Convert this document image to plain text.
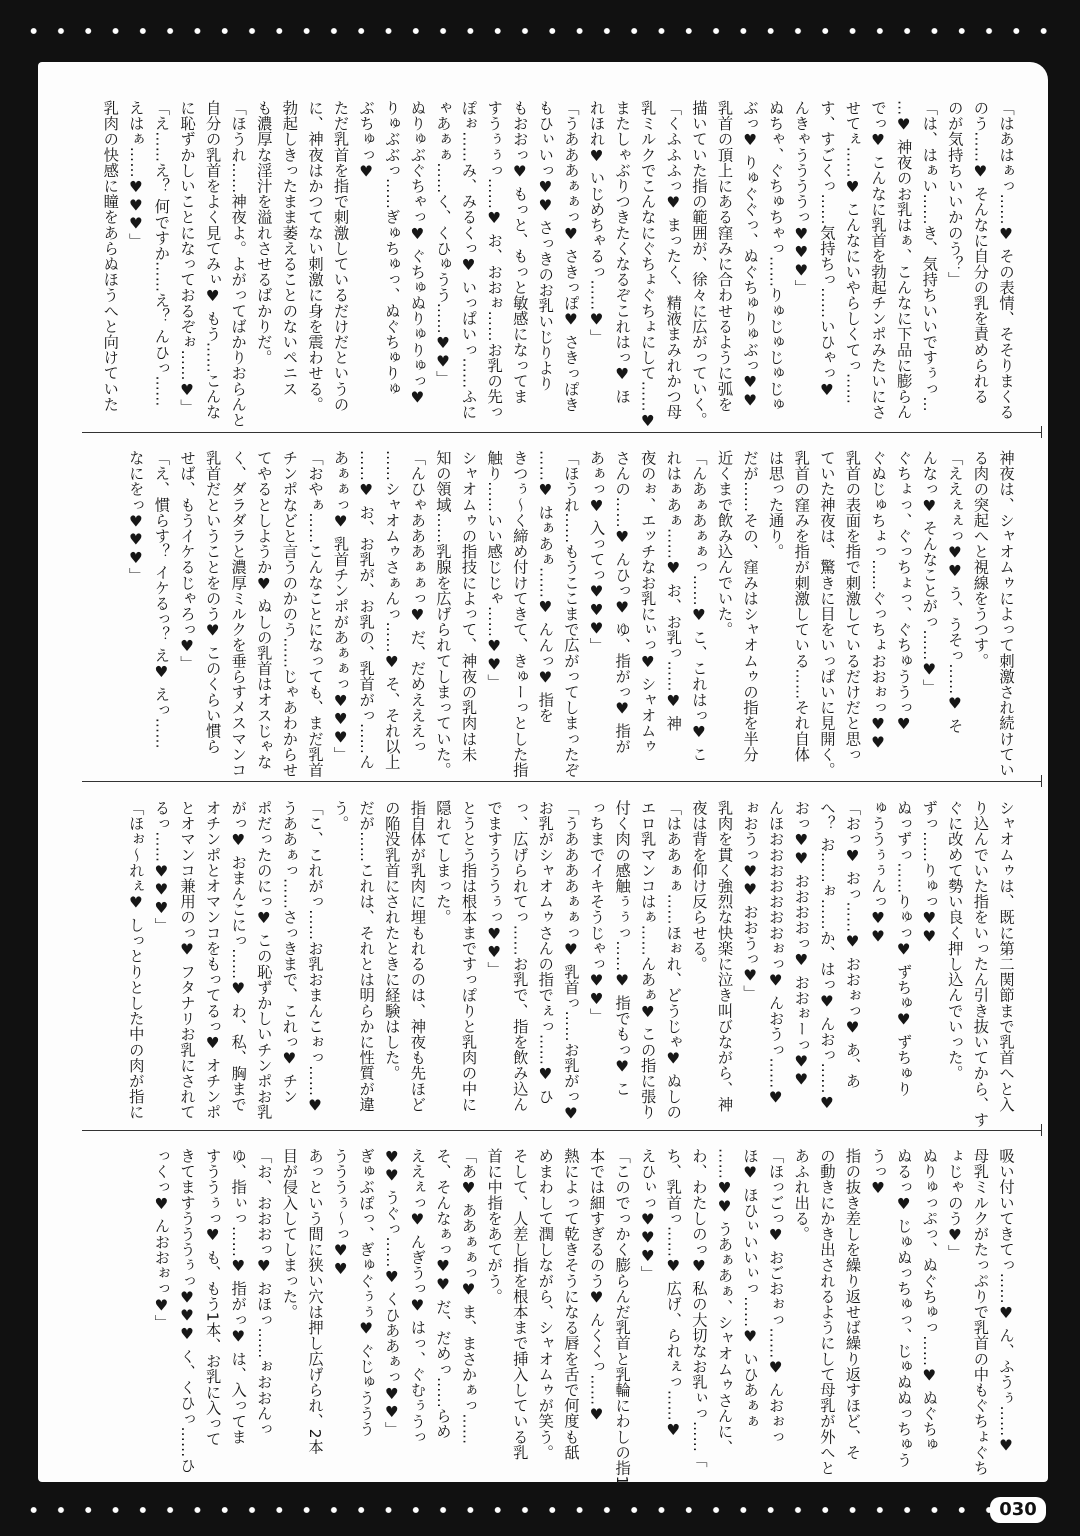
「はあはぁっ……♥ その表情、そそりまくる
のう……♥ そんなに自分の乳を責められる
のが気持ちいいかのう？」
「は、はぁい……き、気持ちいいですぅっ…
…♥ 神夜のお乳はぁ、こんなに下品に膨らん
でっ♥ こんなに乳首を勃起チンポみたいにさ
せてぇ……♥ こんなにいやらしくてっ……
す、すごくっ……気持ちっ……いひゃっ♥
んきゃううううっ♥♥♥」
ぬちゃ、ぐちゅちゃっ……りゅじゅじゅじゅ
ぶっ♥ りゅぐぐっ、ぬぐちゅりゅぶっ♥♥
乳首の頂上にある窪みに合わせるように弧を
描いていた指の範囲が、徐々に広がっていく。
「くふふふっ♥ まったく、精液まみれかつ母
乳ミルクでこんなにぐちょぐちょにして……♥
またしゃぶりつきたくなるぞこれはっ♥ ほ
れほれ♥ いじめちゃるっ……♥」
「うあああぁぁっ♥ さきっぽ♥ さきっぽき
もひぃいっ♥♥ さっきのお乳いじりより
もおおっ♥ もっと、もっと敏感になってま
すうぅぅっ……♥ お、おおぉ……お乳の先っ
ぽぉ……み、みるくっ♥ いっぱいっ……ふに
ゃあぁぁ……く、くひゅうう……♥♥」
ぬりゅぶぐちゃっ♥ ぐちゅぬりゅりゅっ♥
りゅぶぶっ……ぎゅちゅっ、ぬぐちゅりゅ
ぶちゅっ♥
ただ乳首を指で刺激しているだけだというの
に、神夜はかつてない刺激に身を震わせる。
勃起しきったまま萎えることのないペニス
も濃厚な淫汁を溢れさせるばかりだ。
「ほうれ……神夜よ。よがってばかりおらんと
自分の乳首をよく見てみぃ♥ もう……こんな
に恥ずかしいことになっておるぞぉ……♥」
「え……え？ 何ですか……え？ んひっ……
えはぁ……♥♥♥」
乳肉の快感に瞳をあらぬほうへと向けていた
神夜は、シャオムゥによって刺激され続けてい
る肉の突起へと視線をうつす。
「ええぇぇっ♥♥ う、うそっ……♥ そ
んなっ♥ そんなことがっ……♥」
ぐちょっ、ぐっちょっ、ぐちゅううっ♥
ぐぬじゅちょっ……ぐっちょおおぉっ♥♥
乳首の表面を指で刺激しているだけだと思っ
ていた神夜は、驚きに目をいっぱいに見開く。
乳首の窪みを指が刺激している……それ自体
は思った通り。
だが……その、窪みはシャオムゥの指を半分
近くまで飲み込んでいた。
「んあぁあぁぁっ……♥ こ、これはっ♥ こ
れはぁあぁ……♥ お、お乳っ……♥ 神
夜のぉ、エッチなお乳にぃっ♥ シャオムゥ
さんの……♥ んひっ♥ ゆ、指がっ♥ 指が
あぁっ♥ 入ってっ♥♥♥」
「ほうれ……もうここまで広がってしまったぞ
……♥ はぁあぁ……♥ んんっ♥ 指を
きつぅ～く締め付けてきて、きゅーっとした指
触り……いい感じじゃ……♥♥」
シャオムゥの指技によって、神夜の乳肉は未
知の領域……乳腺を広げられてしまっていた。
「んひゃあああぁぁっ♥ だ、だめえええっ
……シャオムゥさぁんっ……♥ そ、それ以上
……♥ お、お乳が、お乳の、乳首がっ……ん
あぁぁっ♥ 乳首チンポがあぁぁっ♥♥♥」
「おやぁ……こんなことになっても、まだ乳首
チンポなどと言うのかのう……じゃあわからせ
てやるとしようか♥ ぬしの乳首はオスじゃな
く、ダラダラと濃厚ミルクを垂らすメスマンコ
乳首だということをのう♥ このくらい慣ら
せば、もうイケるじゃろっ♥」
「え、慣らす？ イケるっ？ え♥ えっ……
なにをっ♥♥♥」
シャオムゥは、既に第二関節まで乳首へと入
り込んでいた指をいったん引き抜いてから、す
ぐに改めて勢い良く押し込んでいった。
ずっ……りゅっ♥♥
ぬっずっ……りゅっ♥ ずちゅ♥ ずちゅり
ゅううぅぅんっ♥♥
「おっ♥ おっ……♥ おおぉっ♥ あ、あ
へ？ お……ぉ……か、はっ♥ んおっ……♥
おっ♥♥ おおおおっ♥ おおぉーっ♥♥
んほおおおおおおおぉっ♥ んおうっ……♥
ぉおうっ♥♥ おおうっ♥」
乳肉を貫く強烈な快楽に泣き叫びながら、神
夜は背を仰け反らせる。
「はああぁぁ……ほぉれ、どうじゃ♥ ぬしの
エロ乳マンコはぁ……んあぁ♥ この指に張り
付く肉の感触ぅぅっ……♥ 指でもっ♥ こ
っちまでイキそうじゃっ♥♥」
「うああああぁぁっ♥ 乳首っ……お乳がっ♥
お乳がシャオムゥさんの指でぇっ……♥ ひ
っ、広げられてっ……お乳で、指を飲み込ん
でますうううぅっ♥♥」
とうとう指は根本まですっぽりと乳肉の中に
隠れてしまった。
指自体が乳肉に埋もれるのは、神夜も先ほど
の陥没乳首にされたときに経験はした。
だが……これは、それとは明らかに性質が違
う。
「こ、これがっ……お乳おまんこぉっ……♥
うああぁっ……さっきまで、これっ♥ チン
ポだったのにっ♥ この恥ずかしいチンポお乳
がっ♥ おまんこにっ……♥ わ、私、胸まで
オチンポとオマンコをもってるっ♥ オチンポ
とオマンコ兼用のっ♥ フタナリお乳にされて
るっ……♥♥♥」
「ほぉ～れぇ♥ しっとりとした中の肉が指に
吸い付いてきてっ……♥ ん、ふうぅ……♥
母乳ミルクがたっぷりで乳首の中もぐちょぐち
ょじゃのう♥」
ぬりゅっぷっ、ぬぐちゅっ……♥ ぬぐちゅ
ぬるっ♥ じゅぬっちゅっ、じゅぬぬっちゅう
うっ♥
指の抜き差しを繰り返せば繰り返すほど、そ
の動きにかき出されるようにして母乳が外へと
あふれ出る。
「ほっごっ♥ おごおぉっ……♥ んおぉっ
ほ♥ ほひぃいいぃっ……♥ いひあぁぁ
……♥♥ うあぁあぁ、シャオムゥさんに、
わ、わたしのっ♥ 私の大切なお乳ぃっ……「
ち、乳首っ……♥ 広げ、られぇっ……♥
えひぃっ♥♥♥」
「このでっかく膨らんだ乳首と乳輪にわしの指1
本では細すぎるのう♥ んくくっ……♥
熱によって乾きそうになる唇を舌で何度も舐
めまわして潤しながら、シャオムゥが笑う。
そして、人差し指を根本まで挿入している乳
首に中指をあてがう。
「あ♥ ああぁぁっ♥ ま、まさかぁっ……
そ、そんなぁっ♥♥ だ、だめっ……らめ
ええぇっ♥ んぎうっ♥ はっ、ぐむぅうっ
♥♥ うぐっ……♥ くひああぁっ♥♥」
ぎゅぶぽっ、ぎゅぐぅぅ♥ ぐじゅううう
うううぅ～っ♥♥
あっという間に狭い穴は押し広げられ、2本
目が侵入してしまった。
「お、おおおっ♥ おほっ……ぉおおんっ
ゆ、指ぃっ……♥ 指がっ♥ は、入ってま
すううぅっ♥ も、もう1本、お乳に入って
きてますうううぅっ♥♥♥ く、くひっ……ひ
っくっ♥ んおおぉっ♥」
030
